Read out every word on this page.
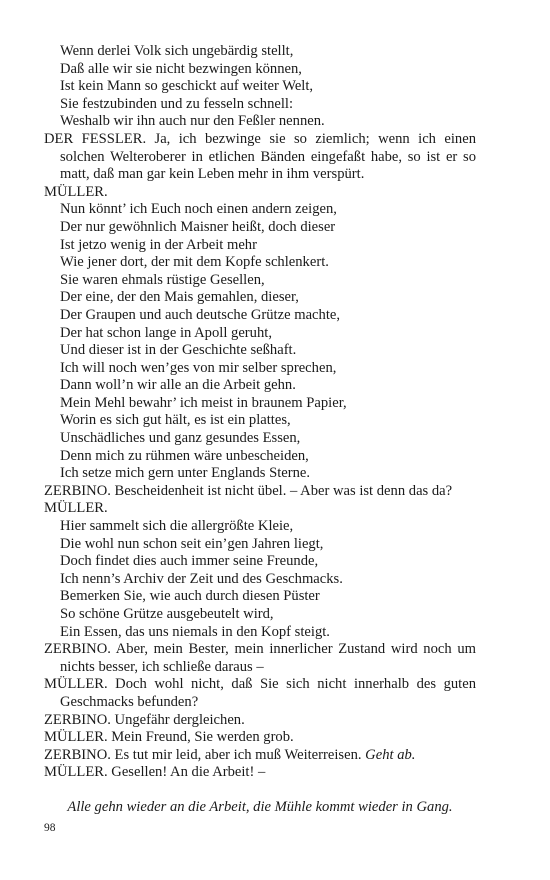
Wenn derlei Volk sich ungebärdig stellt,
Daß alle wir sie nicht bezwingen können,
Ist kein Mann so geschickt auf weiter Welt,
Sie festzubinden und zu fesseln schnell:
Weshalb wir ihn auch nur den Feßler nennen.
DER FESSLER. Ja, ich bezwinge sie so ziemlich; wenn ich einen solchen Welteroberer in etlichen Bänden eingefaßt habe, so ist er so matt, daß man gar kein Leben mehr in ihm verspürt.
MÜLLER.
Nun könnt’ ich Euch noch einen andern zeigen,
Der nur gewöhnlich Maisner heißt, doch dieser
Ist jetzo wenig in der Arbeit mehr
Wie jener dort, der mit dem Kopfe schlenkert.
Sie waren ehmals rüstige Gesellen,
Der eine, der den Mais gemahlen, dieser,
Der Graupen und auch deutsche Grütze machte,
Der hat schon lange in Apoll geruht,
Und dieser ist in der Geschichte seßhaft.
Ich will noch wen’ges von mir selber sprechen,
Dann woll’n wir alle an die Arbeit gehn.
Mein Mehl bewahr’ ich meist in braunem Papier,
Worin es sich gut hält, es ist ein plattes,
Unschädliches und ganz gesundes Essen,
Denn mich zu rühmen wäre unbescheiden,
Ich setze mich gern unter Englands Sterne.
ZERBINO. Bescheidenheit ist nicht übel. – Aber was ist denn das da?
MÜLLER.
Hier sammelt sich die allergrößte Kleie,
Die wohl nun schon seit ein’gen Jahren liegt,
Doch findet dies auch immer seine Freunde,
Ich nenn’s Archiv der Zeit und des Geschmacks.
Bemerken Sie, wie auch durch diesen Püster
So schöne Grütze ausgebeutelt wird,
Ein Essen, das uns niemals in den Kopf steigt.
ZERBINO. Aber, mein Bester, mein innerlicher Zustand wird noch um nichts besser, ich schließe daraus –
MÜLLER. Doch wohl nicht, daß Sie sich nicht innerhalb des guten Geschmacks befunden?
ZERBINO. Ungefähr dergleichen.
MÜLLER. Mein Freund, Sie werden grob.
ZERBINO. Es tut mir leid, aber ich muß Weiterreisen. Geht ab.
MÜLLER. Gesellen! An die Arbeit! –
Alle gehn wieder an die Arbeit, die Mühle kommt wieder in Gang.
98
